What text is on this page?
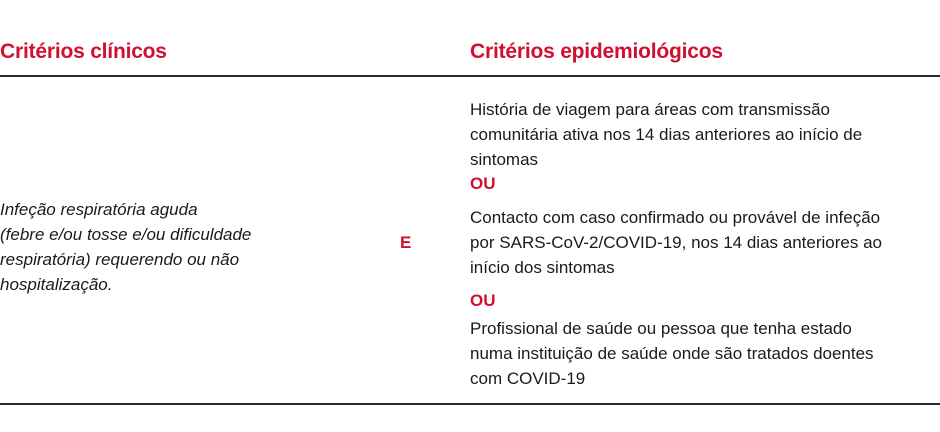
Critérios clínicos	Critérios epidemiológicos
Infeção respiratória aguda
(febre e/ou tosse e/ou dificuldade
respiratória) requerendo ou não
hospitalização.
E
História de viagem para áreas com transmissão
comunitária ativa nos 14 dias anteriores ao início de
sintomas
OU
Contacto com caso confirmado ou provável de infeção
por SARS-CoV-2/COVID-19, nos 14 dias anteriores ao
início dos sintomas
OU
Profissional de saúde ou pessoa que tenha estado
numa instituição de saúde onde são tratados doentes
com COVID-19
